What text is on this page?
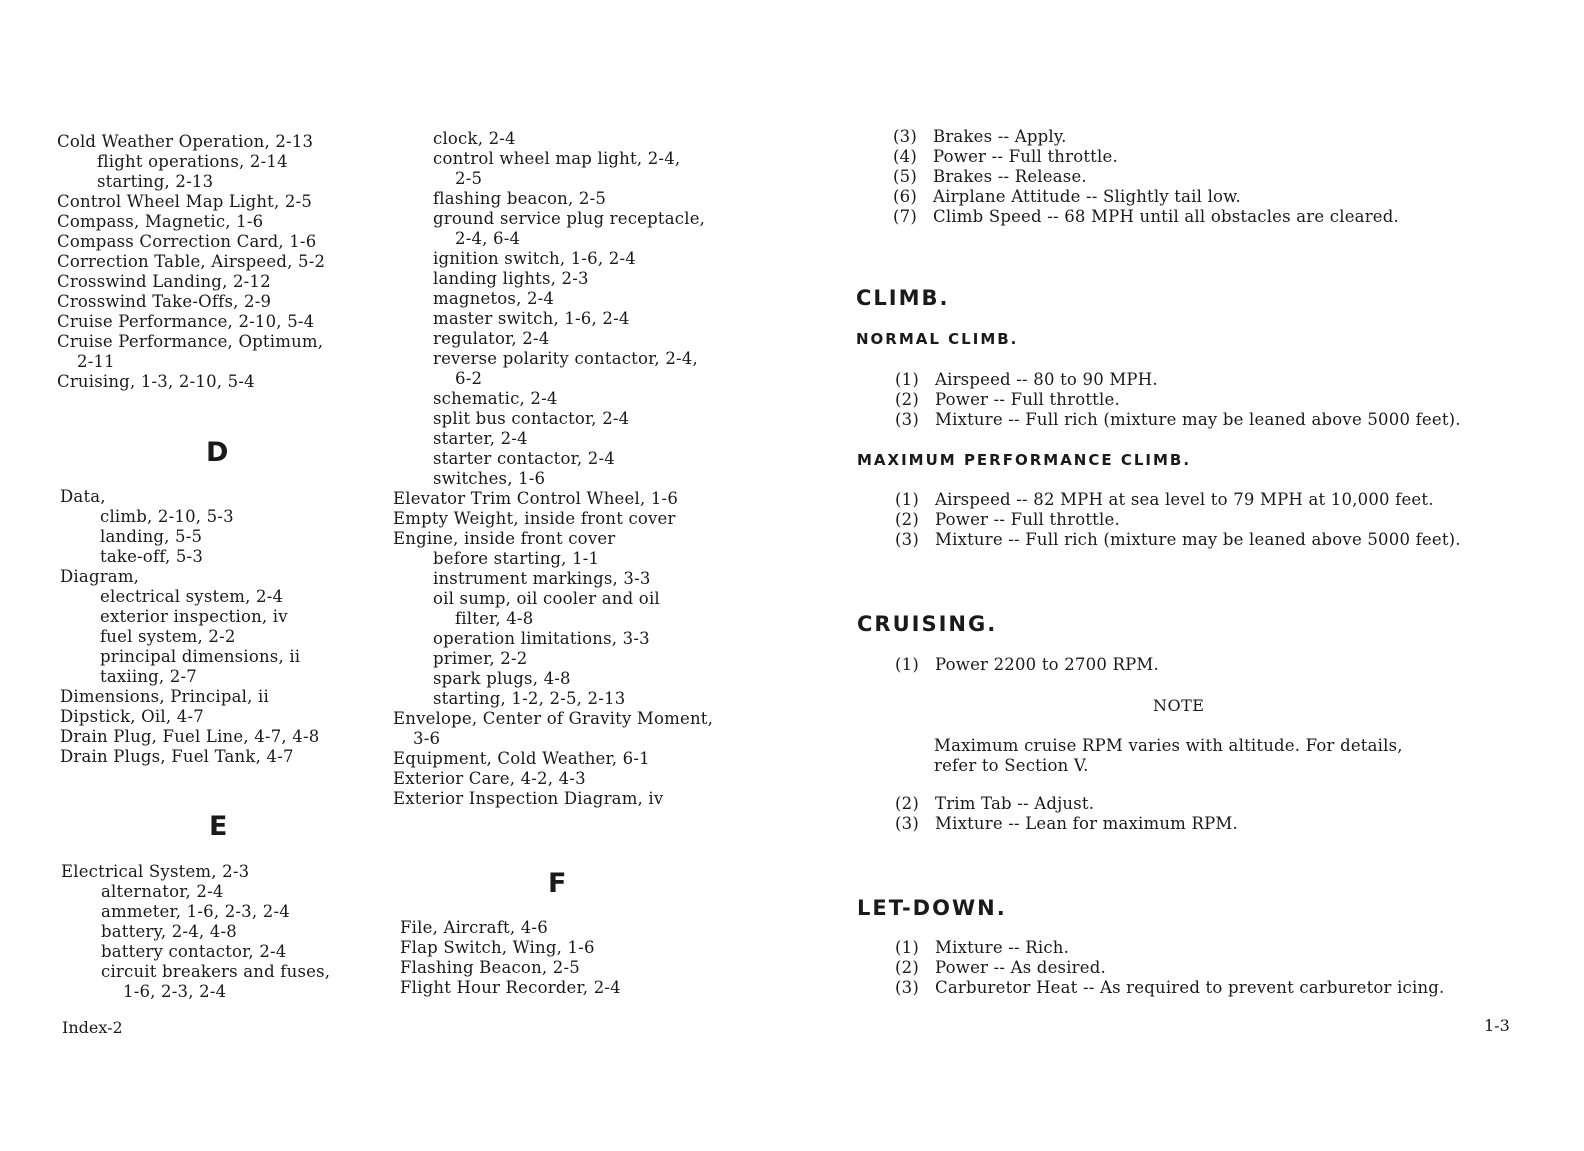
Cold Weather Operation, 2-13
flight operations, 2-14
starting, 2-13
Control Wheel Map Light, 2-5
Compass, Magnetic, 1-6
Compass Correction Card, 1-6
Correction Table, Airspeed, 5-2
Crosswind Landing, 2-12
Crosswind Take-Offs, 2-9
Cruise Performance, 2-10, 5-4
Cruise Performance, Optimum,
2-11
Cruising, 1-3, 2-10, 5-4
D
Data,
climb, 2-10, 5-3
landing, 5-5
take-off, 5-3
Diagram,
electrical system, 2-4
exterior inspection, iv
fuel system, 2-2
principal dimensions, ii
taxiing, 2-7
Dimensions, Principal, ii
Dipstick, Oil, 4-7
Drain Plug, Fuel Line, 4-7, 4-8
Drain Plugs, Fuel Tank, 4-7
E
Electrical System, 2-3
alternator, 2-4
ammeter, 1-6, 2-3, 2-4
battery, 2-4, 4-8
battery contactor, 2-4
circuit breakers and fuses,
1-6, 2-3, 2-4
clock, 2-4
control wheel map light, 2-4,
2-5
flashing beacon, 2-5
ground service plug receptacle,
2-4, 6-4
ignition switch, 1-6, 2-4
landing lights, 2-3
magnetos, 2-4
master switch, 1-6, 2-4
regulator, 2-4
reverse polarity contactor, 2-4,
6-2
schematic, 2-4
split bus contactor, 2-4
starter, 2-4
starter contactor, 2-4
switches, 1-6
Elevator Trim Control Wheel, 1-6
Empty Weight, inside front cover
Engine, inside front cover
before starting, 1-1
instrument markings, 3-3
oil sump, oil cooler and oil
filter, 4-8
operation limitations, 3-3
primer, 2-2
spark plugs, 4-8
starting, 1-2, 2-5, 2-13
Envelope, Center of Gravity Moment,
3-6
Equipment, Cold Weather, 6-1
Exterior Care, 4-2, 4-3
Exterior Inspection Diagram, iv
F
File, Aircraft, 4-6
Flap Switch, Wing, 1-6
Flashing Beacon, 2-5
Flight Hour Recorder, 2-4
Index-2
(3) Brakes -- Apply.
(4) Power -- Full throttle.
(5) Brakes -- Release.
(6) Airplane Attitude -- Slightly tail low.
(7) Climb Speed -- 68 MPH until all obstacles are cleared.
CLIMB.
NORMAL CLIMB.
(1) Airspeed -- 80 to 90 MPH.
(2) Power -- Full throttle.
(3) Mixture -- Full rich (mixture may be leaned above 5000 feet).
MAXIMUM PERFORMANCE CLIMB.
(1) Airspeed -- 82 MPH at sea level to 79 MPH at 10,000 feet.
(2) Power -- Full throttle.
(3) Mixture -- Full rich (mixture may be leaned above 5000 feet).
CRUISING.
(1) Power 2200 to 2700 RPM.
NOTE
Maximum cruise RPM varies with altitude. For details,
refer to Section V.
(2) Trim Tab -- Adjust.
(3) Mixture -- Lean for maximum RPM.
LET-DOWN.
(1) Mixture -- Rich.
(2) Power -- As desired.
(3) Carburetor Heat -- As required to prevent carburetor icing.
1-3
